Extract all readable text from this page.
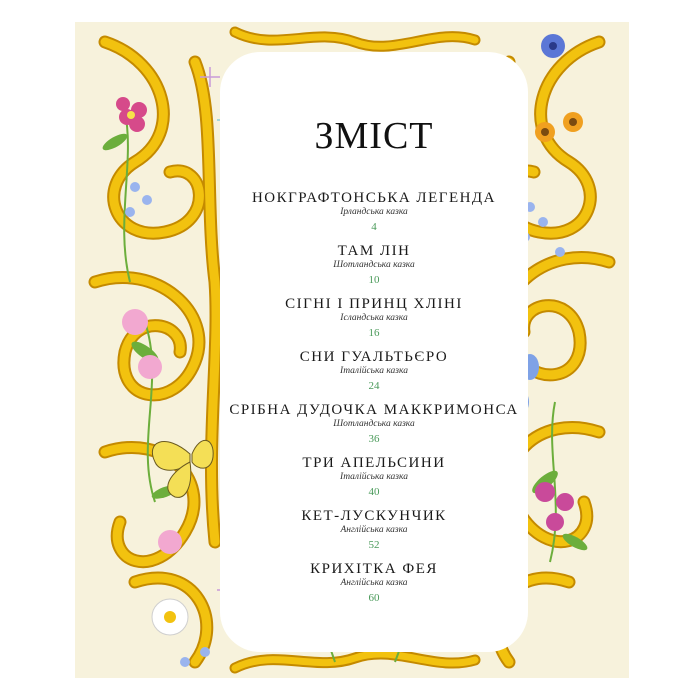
ЗМІСТ
НОКГРАФТОНСЬКА ЛЕГЕНДА
Ірландська казка
4
ТАМ ЛІН
Шотландська казка
10
СІГНІ І ПРИНЦ ХЛІНІ
Ісландська казка
16
СНИ ГУАЛЬТЬЄРО
Італійська казка
24
СРІБНА ДУДОЧКА МАККРИМОНСА
Шотландська казка
36
ТРИ АПЕЛЬСИНИ
Італійська казка
40
КЕТ-ЛУСКУНЧИК
Англійська казка
52
КРИХІТКА ФЕЯ
Англійська казка
60
